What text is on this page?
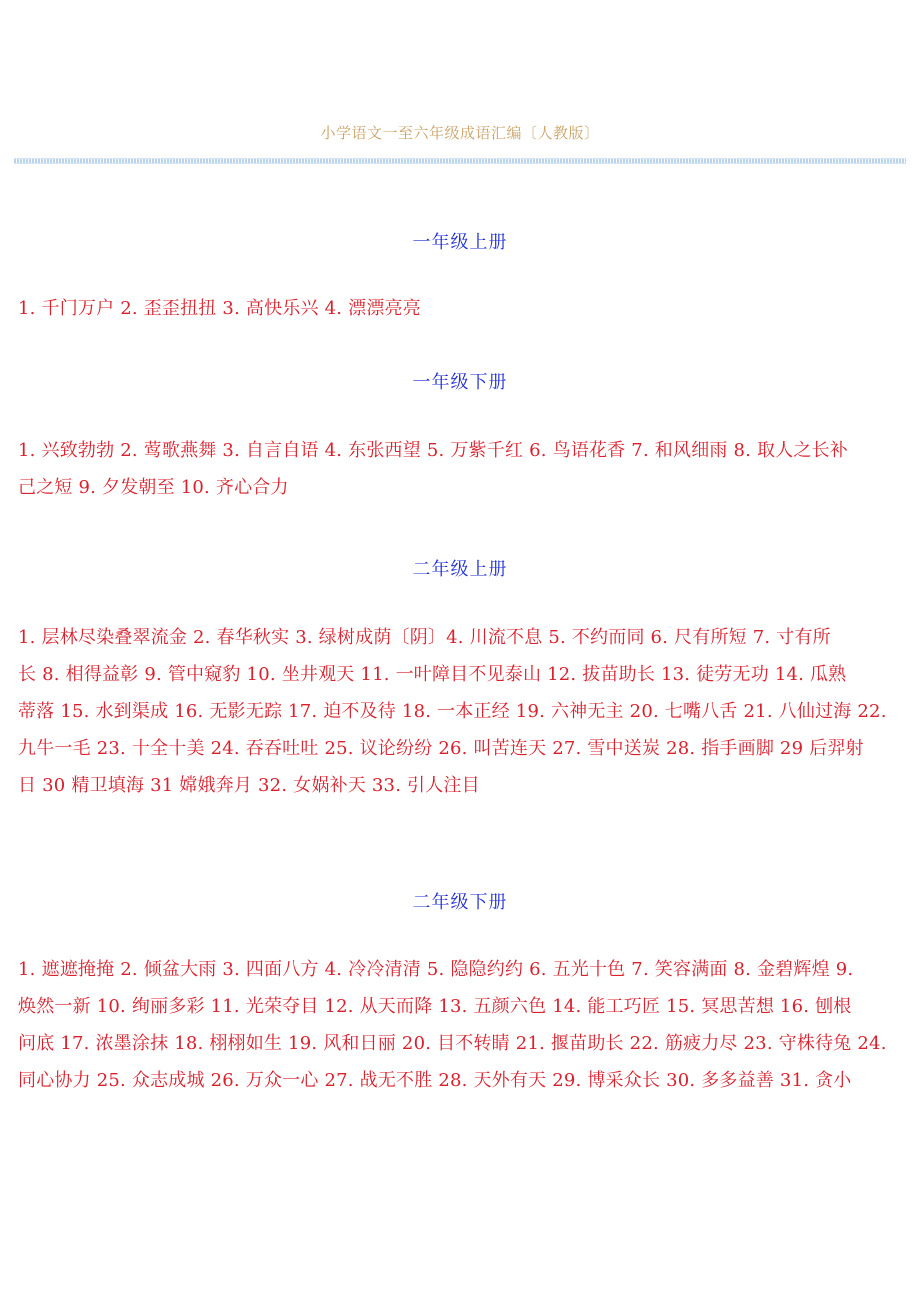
小学语文一至六年级成语汇编〔人教版〕
一年级上册
1. 千门万户 2. 歪歪扭扭 3. 高快乐兴 4. 漂漂亮亮
一年级下册
1. 兴致勃勃 2. 莺歌燕舞 3. 自言自语 4. 东张西望 5. 万紫千红 6. 鸟语花香 7. 和风细雨 8. 取人之长补
己之短 9. 夕发朝至 10. 齐心合力
二年级上册
1. 层林尽染叠翠流金 2. 春华秋实 3. 绿树成荫〔阴〕4. 川流不息 5. 不约而同 6. 尺有所短 7. 寸有所
长 8. 相得益彰 9. 管中窥豹 10. 坐井观天 11. 一叶障目不见泰山 12. 拔苗助长 13. 徒劳无功 14. 瓜熟
蒂落 15. 水到渠成 16. 无影无踪 17. 迫不及待 18. 一本正经 19. 六神无主 20. 七嘴八舌 21. 八仙过海 22.
九牛一毛 23. 十全十美 24. 吞吞吐吐 25. 议论纷纷 26. 叫苦连天 27. 雪中送炭 28. 指手画脚 29 后羿射
日 30 精卫填海 31 嫦娥奔月 32. 女娲补天 33. 引人注目
二年级下册
1. 遮遮掩掩 2. 倾盆大雨 3. 四面八方 4. 冷冷清清 5. 隐隐约约 6. 五光十色 7. 笑容满面 8. 金碧辉煌 9.
焕然一新 10. 绚丽多彩 11. 光荣夺目 12. 从天而降 13. 五颜六色 14. 能工巧匠 15. 冥思苦想 16. 刨根
问底 17. 浓墨涂抹 18. 栩栩如生 19. 风和日丽 20. 目不转睛 21. 揠苗助长 22. 筋疲力尽 23. 守株待兔 24.
同心协力 25. 众志成城 26. 万众一心 27. 战无不胜 28. 天外有天 29. 博采众长 30. 多多益善 31. 贪小
